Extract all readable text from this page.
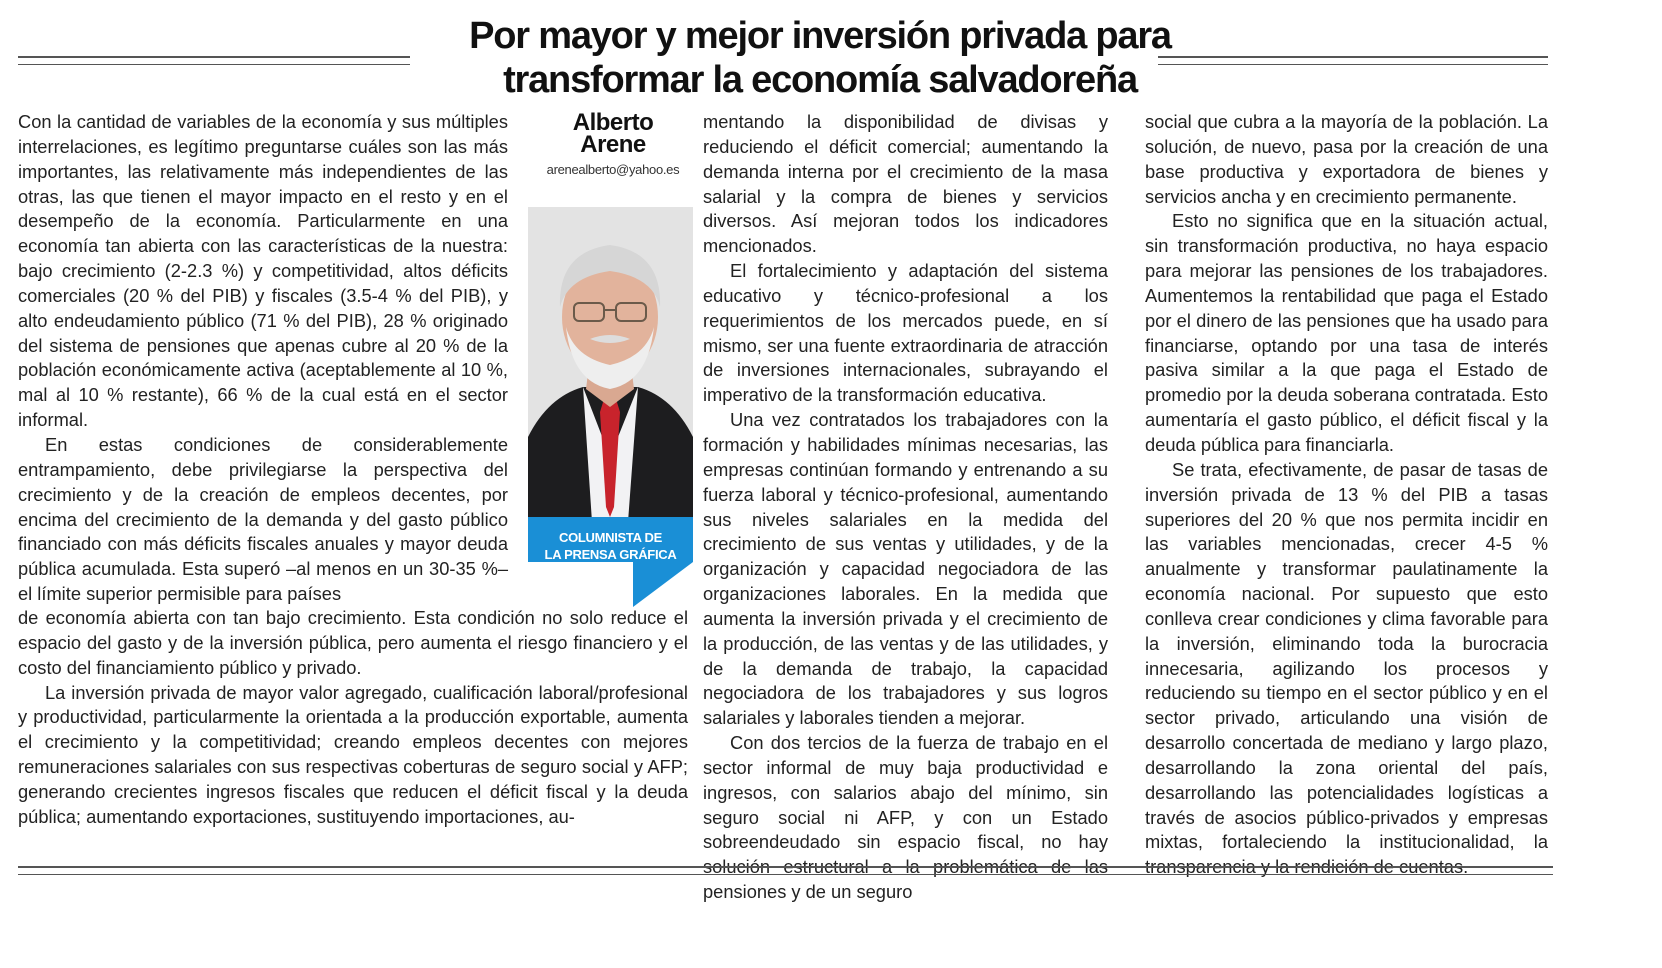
Por mayor y mejor inversión privada para
transformar la economía salvadoreña

Con la cantidad de variables de la economía y sus múltiples interrelaciones, es legítimo preguntarse cuáles son las más importantes, las relativamente más independientes de las otras, las que tienen el mayor impacto en el resto y en el desempeño de la economía. Particularmente en una economía tan abierta con las características de la nuestra: bajo crecimiento (2-2.3 %) y competitividad, altos déficits comerciales (20 % del PIB) y fiscales (3.5-4 % del PIB), y alto endeudamiento público (71 % del PIB), 28 % originado del sistema de pensiones que apenas cubre al 20 % de la población económicamente activa (aceptablemente al 10 %, mal al 10 % restante), 66 % de la cual está en el sector informal.

En estas condiciones de considerablemente entrampamiento, debe privilegiarse la perspectiva del crecimiento y de la creación de empleos decentes, por encima del crecimiento de la demanda y del gasto público financiado con más déficits fiscales anuales y mayor deuda pública acumulada. Esta superó –al menos en un 30-35 %– el límite superior permisible para países

de economía abierta con tan bajo crecimiento. Esta condición no solo reduce el espacio del gasto y de la inversión pública, pero aumenta el riesgo financiero y el costo del financiamiento público y privado.

La inversión privada de mayor valor agregado, cualificación laboral/profesional y productividad, particularmente la orientada a la producción exportable, aumenta el crecimiento y la competitividad; creando empleos decentes con mejores remuneraciones salariales con sus respectivas coberturas de seguro social y AFP; generando crecientes ingresos fiscales que reducen el déficit fiscal y la deuda pública; aumentando exportaciones, sustituyendo importaciones, au-

Alberto
Arene
arenealberto@yahoo.es
COLUMNISTA DE
LA PRENSA GRÁFICA

mentando la disponibilidad de divisas y reduciendo el déficit comercial; aumentando la demanda interna por el crecimiento de la masa salarial y la compra de bienes y servicios diversos. Así mejoran todos los indicadores mencionados.

El fortalecimiento y adaptación del sistema educativo y técnico-profesional a los requerimientos de los mercados puede, en sí mismo, ser una fuente extraordinaria de atracción de inversiones internacionales, subrayando el imperativo de la transformación educativa.

Una vez contratados los trabajadores con la formación y habilidades mínimas necesarias, las empresas continúan formando y entrenando a su fuerza laboral y técnico-profesional, aumentando sus niveles salariales en la medida del crecimiento de sus ventas y utilidades, y de la organización y capacidad negociadora de las organizaciones laborales. En la medida que aumenta la inversión privada y el crecimiento de la producción, de las ventas y de las utilidades, y de la demanda de trabajo, la capacidad negociadora de los trabajadores y sus logros salariales y laborales tienden a mejorar.

Con dos tercios de la fuerza de trabajo en el sector informal de muy baja productividad e ingresos, con salarios abajo del mínimo, sin seguro social ni AFP, y con un Estado sobreendeudado sin espacio fiscal, no hay solución estructural a la problemática de las pensiones y de un seguro

social que cubra a la mayoría de la población. La solución, de nuevo, pasa por la creación de una base productiva y exportadora de bienes y servicios ancha y en crecimiento permanente.

Esto no significa que en la situación actual, sin transformación productiva, no haya espacio para mejorar las pensiones de los trabajadores. Aumentemos la rentabilidad que paga el Estado por el dinero de las pensiones que ha usado para financiarse, optando por una tasa de interés pasiva similar a la que paga el Estado de promedio por la deuda soberana contratada. Esto aumentaría el gasto público, el déficit fiscal y la deuda pública para financiarla.

Se trata, efectivamente, de pasar de tasas de inversión privada de 13 % del PIB a tasas superiores del 20 % que nos permita incidir en las variables mencionadas, crecer 4-5 % anualmente y transformar paulatinamente la economía nacional. Por supuesto que esto conlleva crear condiciones y clima favorable para la inversión, eliminando toda la burocracia innecesaria, agilizando los procesos y reduciendo su tiempo en el sector público y en el sector privado, articulando una visión de desarrollo concertada de mediano y largo plazo, desarrollando la zona oriental del país, desarrollando las potencialidades logísticas a través de asocios público-privados y empresas mixtas, fortaleciendo la institucionalidad, la transparencia y la rendición de cuentas.
